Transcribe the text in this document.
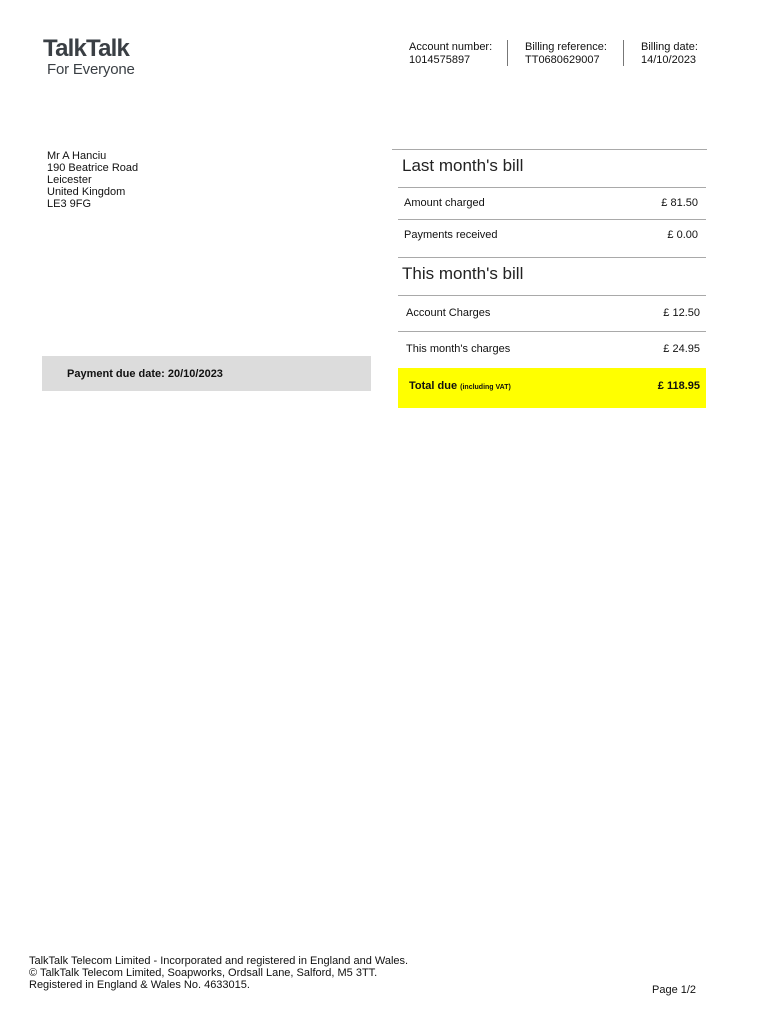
TalkTalk
For Everyone
Account number:
1014575897
Billing reference:
TT0680629007
Billing date:
14/10/2023
Mr A Hanciu
190 Beatrice Road
Leicester
United Kingdom
LE3 9FG
Payment due date: 20/10/2023
Last month's bill
Amount charged	£ 81.50
Payments received	£ 0.00
This month's bill
Account Charges	£ 12.50
This month's charges	£ 24.95
Total due (including VAT)	£ 118.95
TalkTalk Telecom Limited - Incorporated and registered in England and Wales.
© TalkTalk Telecom Limited, Soapworks, Ordsall Lane, Salford, M5 3TT.
Registered in England & Wales No. 4633015.	Page 1/2
